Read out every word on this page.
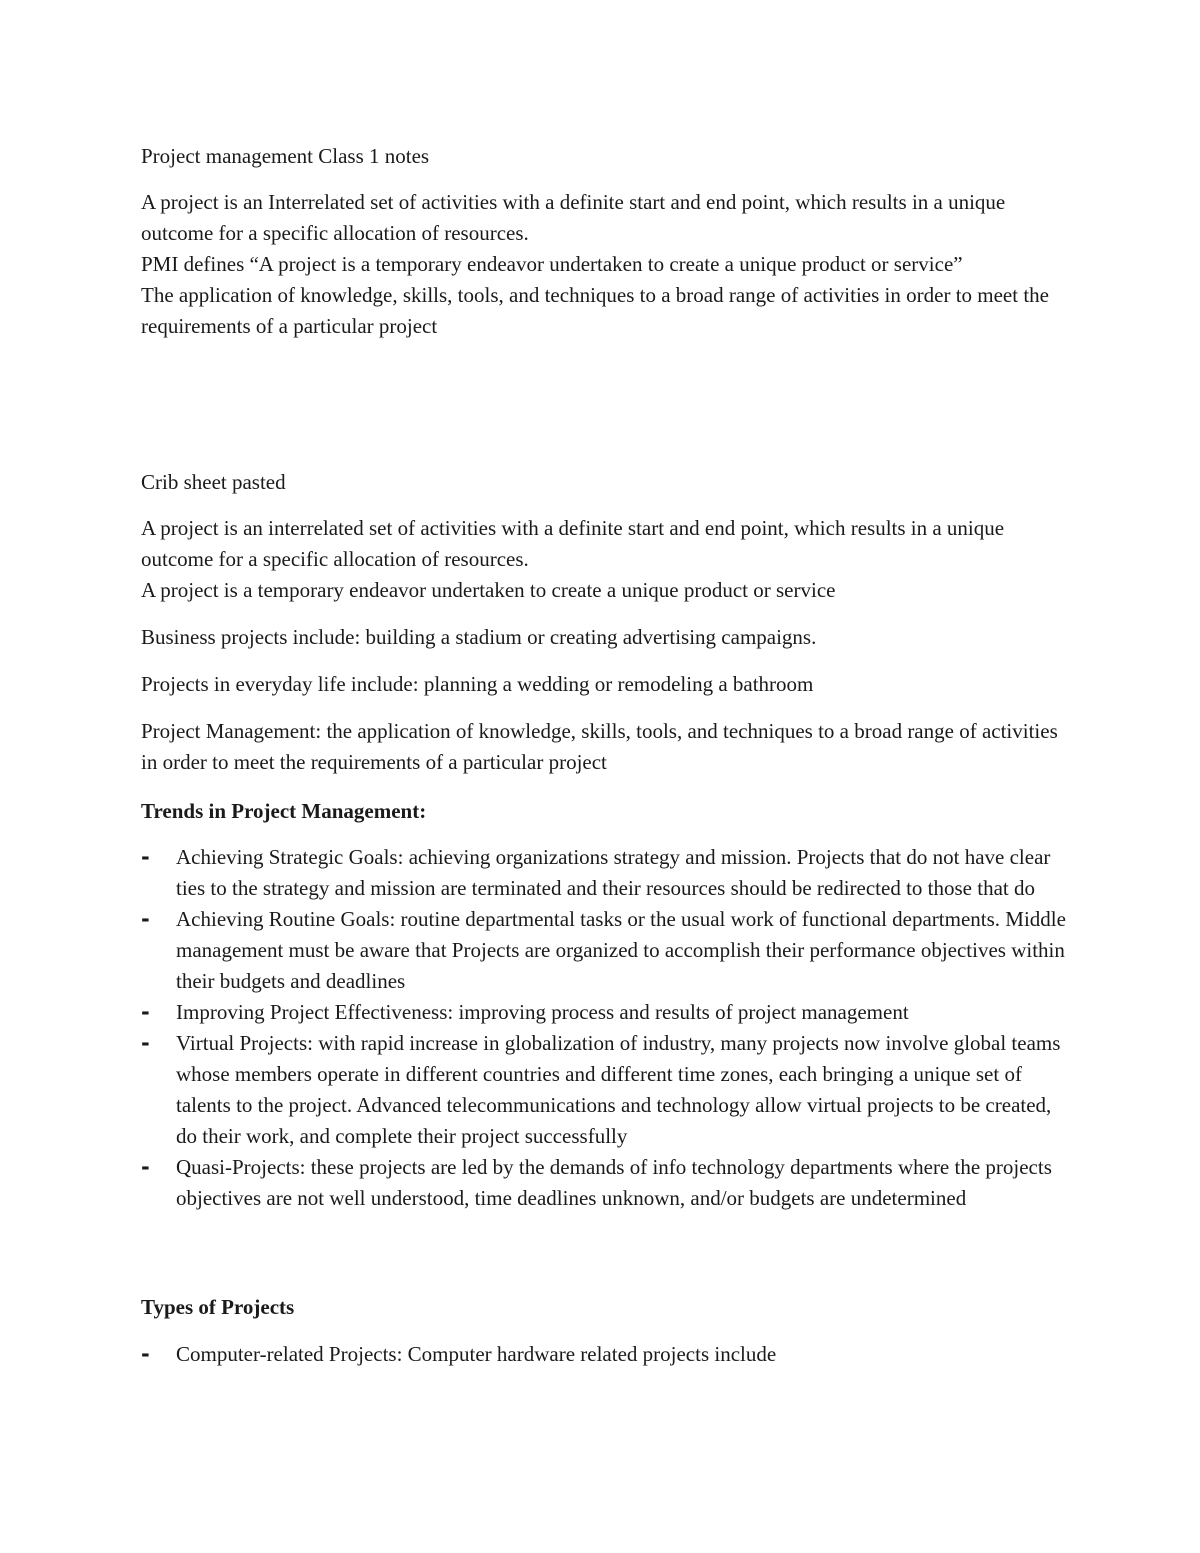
Project management Class 1 notes

A project is an Interrelated set of activities with a definite start and end point, which results in a unique outcome for a specific allocation of resources.

PMI defines “A project is a temporary endeavor undertaken to create a unique product or service”

The application of knowledge, skills, tools, and techniques to a broad range of activities in order to meet the requirements of a particular project

Crib sheet pasted

A project is an interrelated set of activities with a definite start and end point, which results in a unique outcome for a specific allocation of resources.

A project is a temporary endeavor undertaken to create a unique product or service

Business projects include: building a stadium or creating advertising campaigns.

Projects in everyday life include: planning a wedding or remodeling a bathroom

Project Management: the application of knowledge, skills, tools, and techniques to a broad range of activities in order to meet the requirements of a particular project

Trends in Project Management:

- Achieving Strategic Goals: achieving organizations strategy and mission. Projects that do not have clear ties to the strategy and mission are terminated and their resources should be redirected to those that do
- Achieving Routine Goals: routine departmental tasks or the usual work of functional departments. Middle management must be aware that Projects are organized to accomplish their performance objectives within their budgets and deadlines
- Improving Project Effectiveness: improving process and results of project management
- Virtual Projects: with rapid increase in globalization of industry, many projects now involve global teams whose members operate in different countries and different time zones, each bringing a unique set of talents to the project. Advanced telecommunications and technology allow virtual projects to be created, do their work, and complete their project successfully
- Quasi-Projects: these projects are led by the demands of info technology departments where the projects objectives are not well understood, time deadlines unknown, and/or budgets are undetermined

Types of Projects

- Computer-related Projects: Computer hardware related projects include
